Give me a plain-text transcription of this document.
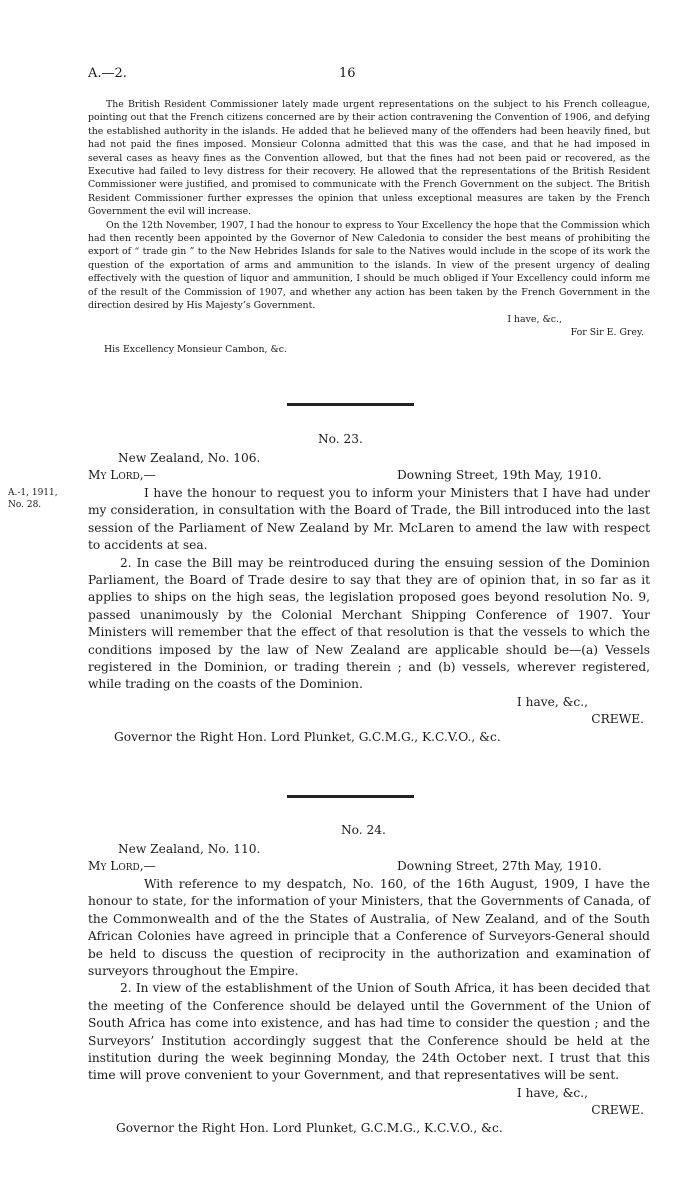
A.—2.	16

The British Resident Commissioner lately made urgent representations on the subject to his French colleague, pointing out that the French citizens concerned are by their action contravening the Convention of 1906, and defying the established authority in the islands. He added that he believed many of the offenders had been heavily fined, but had not paid the fines imposed. Monsieur Colonna admitted that this was the case, and that he had imposed in several cases as heavy fines as the Convention allowed, but that the fines had not been paid or recovered, as the Executive had failed to levy distress for their recovery. He allowed that the representations of the British Resident Commissioner were justified, and promised to communicate with the French Government on the subject. The British Resident Commissioner further expresses the opinion that unless exceptional measures are taken by the French Government the evil will increase.

On the 12th November, 1907, I had the honour to express to Your Excellency the hope that the Commission which had then recently been appointed by the Governor of New Caledonia to consider the best means of prohibiting the export of “ trade gin ” to the New Hebrides Islands for sale to the Natives would include in the scope of its work the question of the exportation of arms and ammunition to the islands. In view of the present urgency of dealing effectively with the question of liquor and ammunition, I should be much obliged if Your Excellency could inform me of the result of the Commission of 1907, and whether any action has been taken by the French Government in the direction desired by His Majesty’s Government.

I have, &c.,
For Sir E. Grey.
His Excellency Monsieur Cambon, &c.
No. 23.
New Zealand, No. 106.
My Lord,—	Downing Street, 19th May, 1910.
A.-1, 1911,
No. 28.

I have the honour to request you to inform your Ministers that I have had under my consideration, in consultation with the Board of Trade, the Bill introduced into the last session of the Parliament of New Zealand by Mr. McLaren to amend the law with respect to accidents at sea.

2. In case the Bill may be reintroduced during the ensuing session of the Dominion Parliament, the Board of Trade desire to say that they are of opinion that, in so far as it applies to ships on the high seas, the legislation proposed goes beyond resolution No. 9, passed unanimously by the Colonial Merchant Shipping Conference of 1907. Your Ministers will remember that the effect of that resolution is that the vessels to which the conditions imposed by the law of New Zealand are applicable should be—(a) Vessels registered in the Dominion, or trading therein ; and (b) vessels, wherever registered, while trading on the coasts of the Dominion.

I have, &c.,
CREWE.
Governor the Right Hon. Lord Plunket, G.C.M.G., K.C.V.O., &c.
No. 24.
New Zealand, No. 110.
My Lord,—	Downing Street, 27th May, 1910.

With reference to my despatch, No. 160, of the 16th August, 1909, I have the honour to state, for the information of your Ministers, that the Governments of Canada, of the Commonwealth and of the the States of Australia, of New Zealand, and of the South African Colonies have agreed in principle that a Conference of Surveyors-General should be held to discuss the question of reciprocity in the authorization and examination of surveyors throughout the Empire.

2. In view of the establishment of the Union of South Africa, it has been decided that the meeting of the Conference should be delayed until the Government of the Union of South Africa has come into existence, and has had time to consider the question ; and the Surveyors’ Institution accordingly suggest that the Conference should be held at the institution during the week beginning Monday, the 24th October next. I trust that this time will prove convenient to your Government, and that representatives will be sent.

I have, &c.,
CREWE.
Governor the Right Hon. Lord Plunket, G.C.M.G., K.C.V.O., &c.
